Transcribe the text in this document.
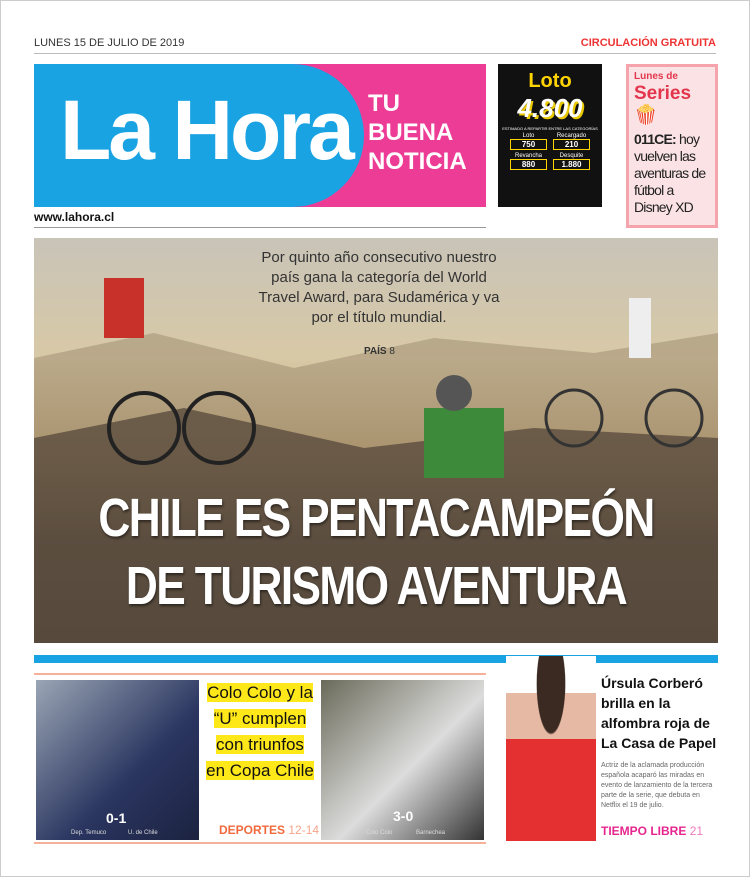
LUNES 15 DE JULIO DE 2019	CIRCULACIÓN GRATUITA
La Hora TU
BUENA
NOTICIA
www.lahora.cl
Loto
4.800
ESTIMADO A REPARTIR ENTRE LAS CATEGORÍAS
Loto
750
Recargado
210
Revancha
880
Desquite
1.880
Lunes de
Series 🍿
011CE: hoy vuelven las aventuras de fútbol a Disney XD
Por quinto año consecutivo nuestro país gana la categoría del World Travel Award, para Sudamérica y va por el título mundial.
PAÍS 8
CHILE ES PENTACAMPEÓN
DE TURISMO AVENTURA
0-1
Dep. Temuco	U. de Chile
Colo Colo y la
“U” cumplen
con triunfos
en Copa Chile
DEPORTES 12-14
3-0
Colo Colo	Barnechea
Úrsula Corberó brilla en la alfombra roja de La Casa de Papel
Actriz de la aclamada producción española acaparó las miradas en evento de lanzamiento de la tercera parte de la serie, que debuta en Netflix el 19 de julio.
TIEMPO LIBRE 21
